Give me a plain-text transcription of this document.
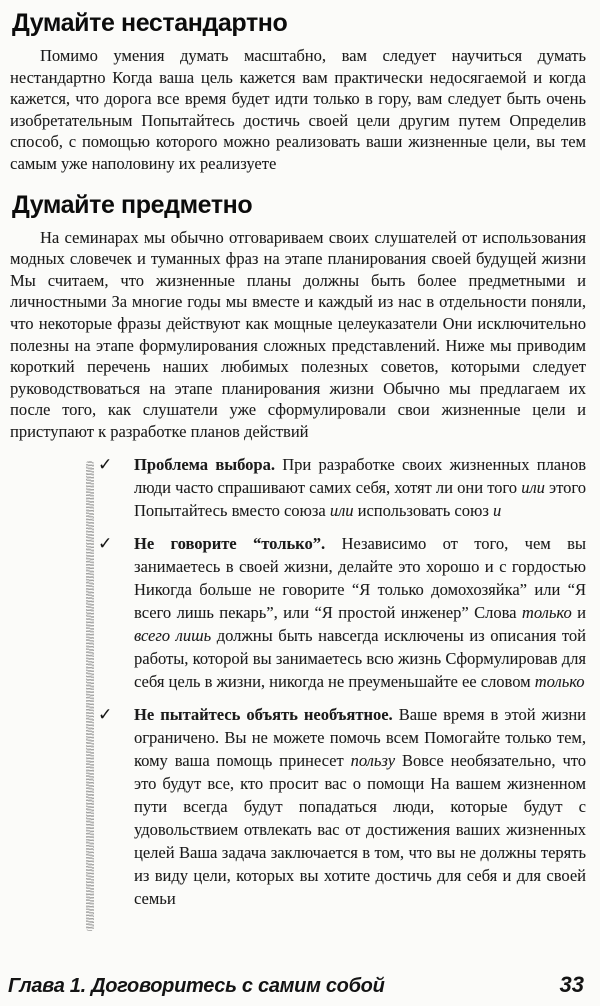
Думайте нестандартно

Помимо умения думать масштабно, вам следует научиться думать нестандартно Когда ваша цель кажется вам практически недосягаемой и когда кажется, что дорога все время будет идти только в гору, вам следует быть очень изобретательным Попытайтесь достичь своей цели другим путем Определив способ, с помощью которого можно реализовать ваши жизненные цели, вы тем самым уже наполовину их реализуете

Думайте предметно

На семинарах мы обычно отговариваем своих слушателей от использования модных словечек и туманных фраз на этапе планирования своей будущей жизни Мы считаем, что жизненные планы должны быть более предметными и личностными За многие годы мы вместе и каждый из нас в отдельности поняли, что некоторые фразы действуют как мощные целеуказатели Они исключительно полезны на этапе формулирования сложных представлений. Ниже мы приводим короткий перечень наших любимых полезных советов, которыми следует руководствоваться на этапе планирования жизни Обычно мы предлагаем их после того, как слушатели уже сформулировали свои жизненные цели и приступают к разработке планов действий

✓ Проблема выбора. При разработке своих жизненных планов люди часто спрашивают самих себя, хотят ли они того или этого Попытайтесь вместо союза или использовать союз и
✓ Не говорите “только”. Независимо от того, чем вы занимаетесь в своей жизни, делайте это хорошо и с гордостью Никогда больше не говорите “Я только домохозяйка” или “Я всего лишь пекарь”, или “Я простой инженер” Слова только и всего лишь должны быть навсегда исключены из описания той работы, которой вы занимаетесь всю жизнь Сформулировав для себя цель в жизни, никогда не преуменьшайте ее словом только
✓ Не пытайтесь объять необъятное. Ваше время в этой жизни ограничено. Вы не можете помочь всем Помогайте только тем, кому ваша помощь принесет пользу Вовсе необязательно, что это будут все, кто просит вас о помощи На вашем жизненном пути всегда будут попадаться люди, которые будут с удовольствием отвлекать вас от достижения ваших жизненных целей Ваша задача заключается в том, что вы не должны терять из виду цели, которых вы хотите достичь для себя и для своей семьи
Глава 1. Договоритесь с самим собой	33
